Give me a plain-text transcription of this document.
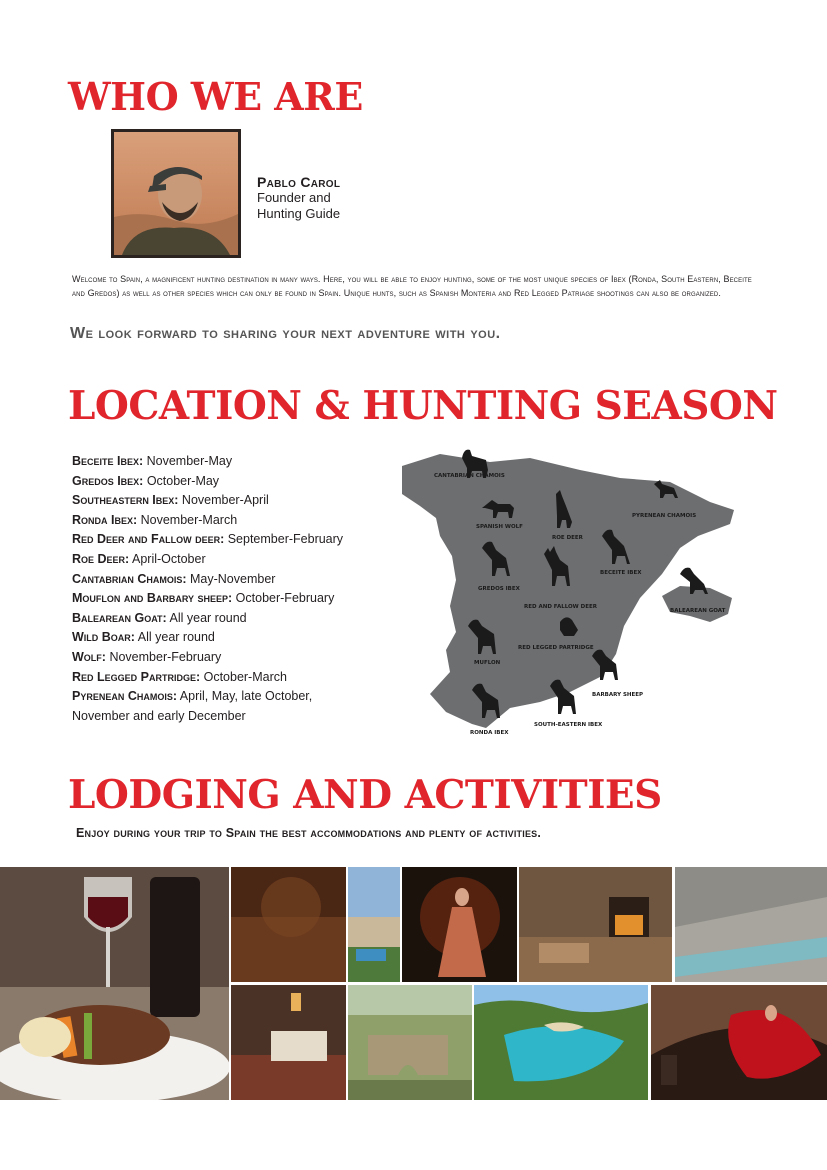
WHO WE ARE
Pablo Carol
Founder and
Hunting Guide

Welcome to Spain, a magnificent hunting destination in many ways. Here, you will be able to enjoy hunting, some of the most unique species of Ibex (Ronda, South Eastern, Beceite and Gredos) as well as other species which can only be found in Spain. Unique hunts, such as Spanish Monteria and Red Legged Patriage shootings can also be organized.

We look forward to sharing your next adventure with you.
LOCATION & HUNTING SEASON
Beceite Ibex: November-May
Gredos Ibex: October-May
Southeastern Ibex: November-April
Ronda Ibex: November-March
Red Deer and Fallow deer: September-February
Roe Deer: April-October
Cantabrian Chamois: May-November
Mouflon and Barbary sheep: October-February
Balearean Goat: All year round
Wild Boar: All year round
Wolf: November-February
Red Legged Partridge: October-March
Pyrenean Chamois: April, May, late October,
November and early December
CANTABRIAN CHAMOIS
SPANISH WOLF
ROE DEER
PYRENEAN CHAMOIS
BECEITE IBEX
GREDOS IBEX
RED AND FALLOW DEER
BALEAREAN GOAT
RED LEGGED PARTRIDGE
MUFLON
BARBARY SHEEP
RONDA IBEX
SOUTH-EASTERN IBEX
LODGING AND ACTIVITIES
Enjoy during your trip to Spain the best accommodations and plenty of activities.
